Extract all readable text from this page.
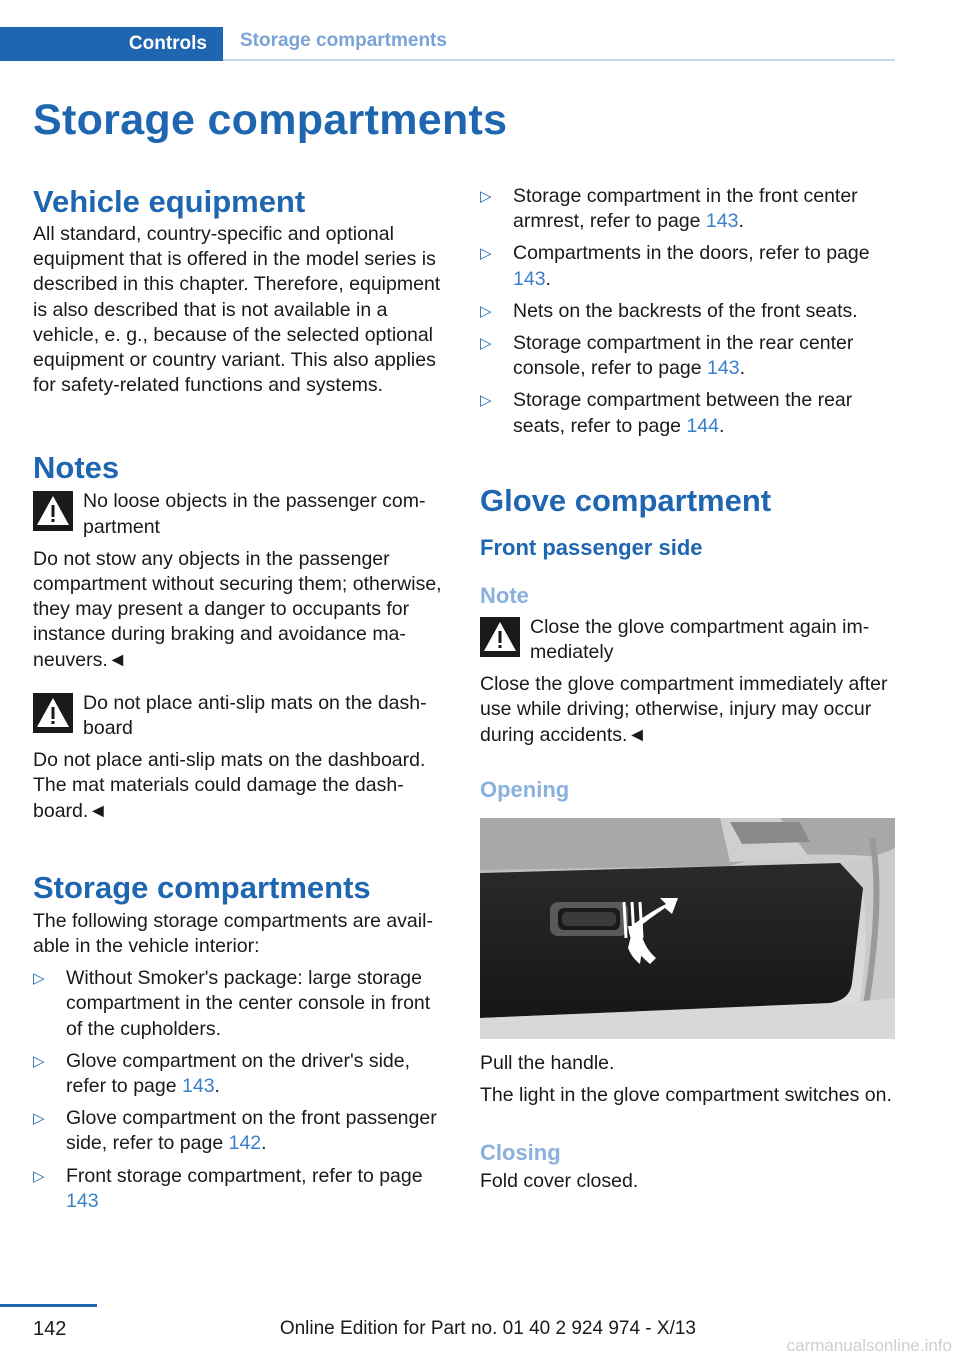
Controls Storage compartments
Storage compartments
Vehicle equipment

All standard, country-specific and optional equipment that is offered in the model series is described in this chapter. Therefore, equipment is also described that is not available in a vehicle, e. g., because of the selected optional equipment or country variant. This also applies for safety-related functions and systems.

Notes

No loose objects in the passenger compartment

Do not stow any objects in the passenger compartment without securing them; otherwise, they may present a danger to occupants for instance during braking and avoidance maneuvers.◄

Do not place anti-slip mats on the dashboard

Do not place anti-slip mats on the dashboard. The mat materials could damage the dashboard.◄

Storage compartments

The following storage compartments are available in the vehicle interior:

▷	Without Smoker's package: large storage compartment in the center console in front of the cupholders.
▷	Glove compartment on the driver's side, refer to page 143.
▷	Glove compartment on the front passenger side, refer to page 142.
▷	Front storage compartment, refer to page 143
▷	Storage compartment in the front center armrest, refer to page 143.
▷	Compartments in the doors, refer to page 143.
▷	Nets on the backrests of the front seats.
▷	Storage compartment in the rear center console, refer to page 143.
▷	Storage compartment between the rear seats, refer to page 144.
Glove compartment
Front passenger side
Note

Close the glove compartment again immediately

Close the glove compartment immediately after use while driving; otherwise, injury may occur during accidents.◄

Opening

Pull the handle.

The light in the glove compartment switches on.

Closing

Fold cover closed.

142	Online Edition for Part no. 01 40 2 924 974 - X/13
carmanualsonline.info
